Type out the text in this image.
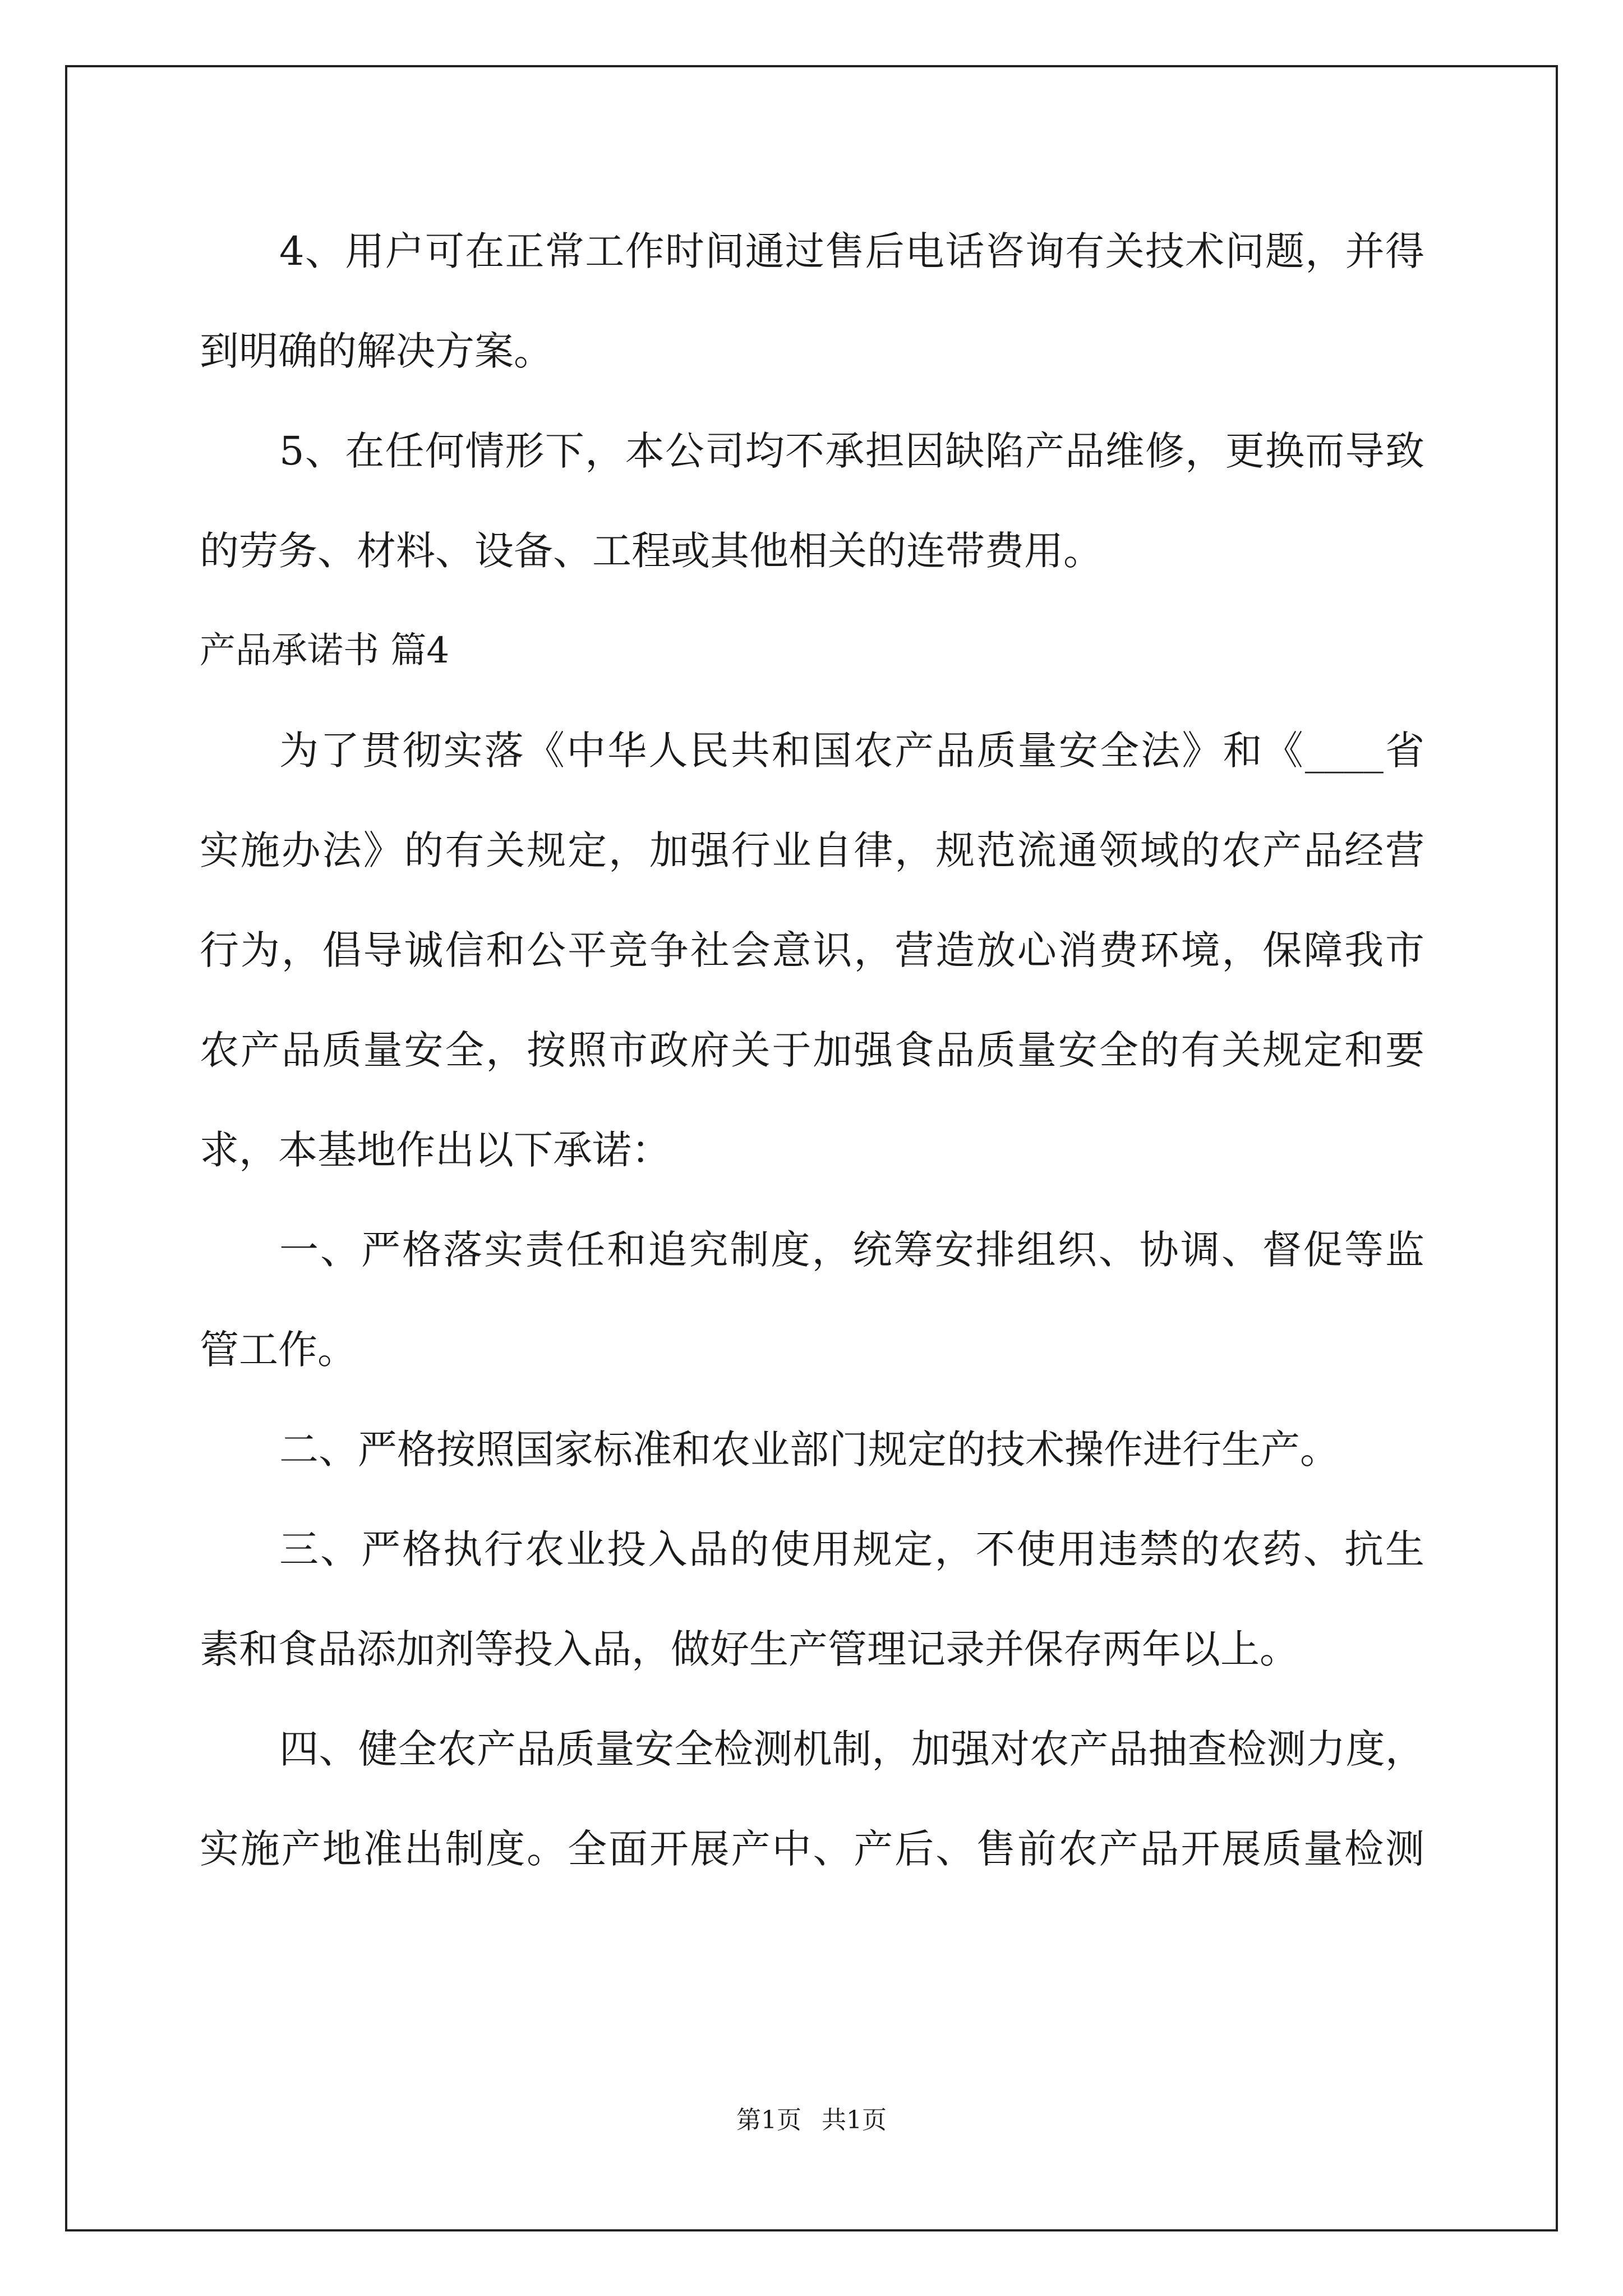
4、用户可在正常工作时间通过售后电话咨询有关技术问题，并得
到明确的解决方案。
5、在任何情形下，本公司均不承担因缺陷产品维修，更换而导致
的劳务、材料、设备、工程或其他相关的连带费用。
产品承诺书 篇4
为了贯彻实落《中华人民共和国农产品质量安全法》和《____省
实施办法》的有关规定，加强行业自律，规范流通领域的农产品经营
行为，倡导诚信和公平竞争社会意识，营造放心消费环境，保障我市
农产品质量安全，按照市政府关于加强食品质量安全的有关规定和要
求，本基地作出以下承诺：
一、严格落实责任和追究制度，统筹安排组织、协调、督促等监
管工作。
二、严格按照国家标准和农业部门规定的技术操作进行生产。
三、严格执行农业投入品的使用规定，不使用违禁的农药、抗生
素和食品添加剂等投入品，做好生产管理记录并保存两年以上。
四、健全农产品质量安全检测机制，加强对农产品抽查检测力度，
实施产地准出制度。全面开展产中、产后、售前农产品开展质量检测
第1页 共1页
